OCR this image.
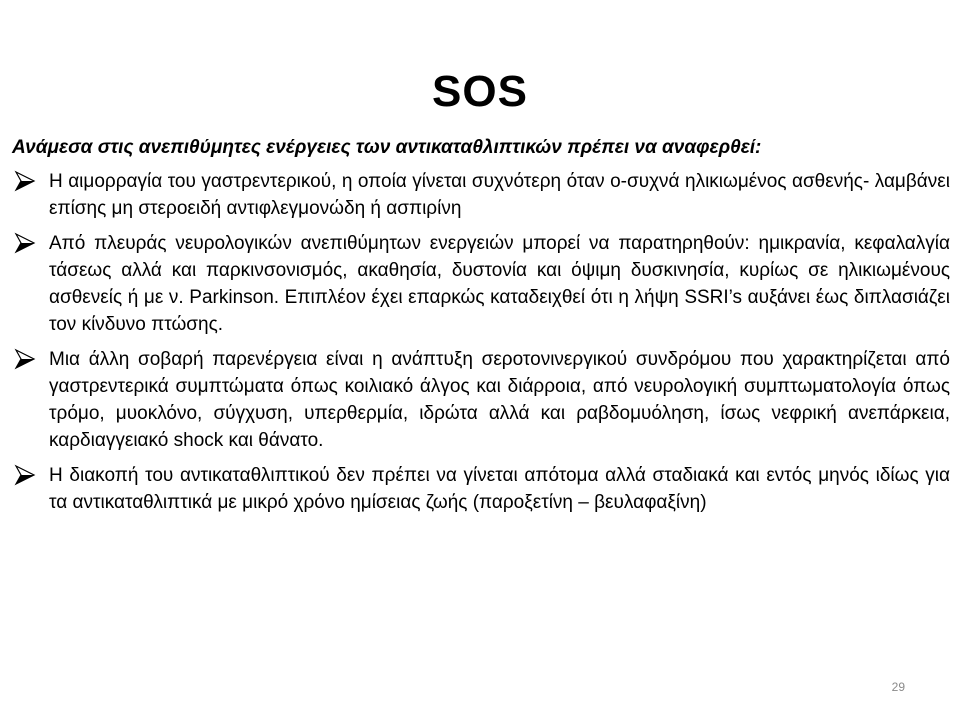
SOS

Ανάμεσα στις ανεπιθύμητες ενέργειες των αντικαταθλιπτικών πρέπει να αναφερθεί:

Η αιμορραγία του γαστρεντερικού, η οποία γίνεται συχνότερη όταν ο-συχνά ηλικιωμένος ασθενής- λαμβάνει επίσης μη στεροειδή αντιφλεγμονώδη ή ασπιρίνη
Από πλευράς νευρολογικών ανεπιθύμητων ενεργειών μπορεί να παρατηρηθούν: ημικρανία, κεφαλαλγία τάσεως αλλά και παρκινσονισμός, ακαθησία, δυστονία και όψιμη δυσκινησία, κυρίως σε ηλικιωμένους ασθενείς ή με ν. Parkinson. Επιπλέον έχει επαρκώς καταδειχθεί ότι η λήψη SSRI’s αυξάνει έως διπλασιάζει τον κίνδυνο πτώσης.
Μια άλλη σοβαρή παρενέργεια είναι η ανάπτυξη σεροτονινεργικού συνδρόμου που χαρακτηρίζεται από γαστρεντερικά συμπτώματα όπως κοιλιακό άλγος και διάρροια, από νευρολογική συμπτωματολογία όπως τρόμο, μυοκλόνο, σύγχυση, υπερθερμία, ιδρώτα αλλά και ραβδομυόληση, ίσως νεφρική ανεπάρκεια, καρδιαγγειακό shock και θάνατο.
Η διακοπή του αντικαταθλιπτικού δεν πρέπει να γίνεται απότομα αλλά σταδιακά και εντός μηνός ιδίως για τα αντικαταθλιπτικά με μικρό χρόνο ημίσειας ζωής (παροξετίνη – βευλαφαξίνη)
29
